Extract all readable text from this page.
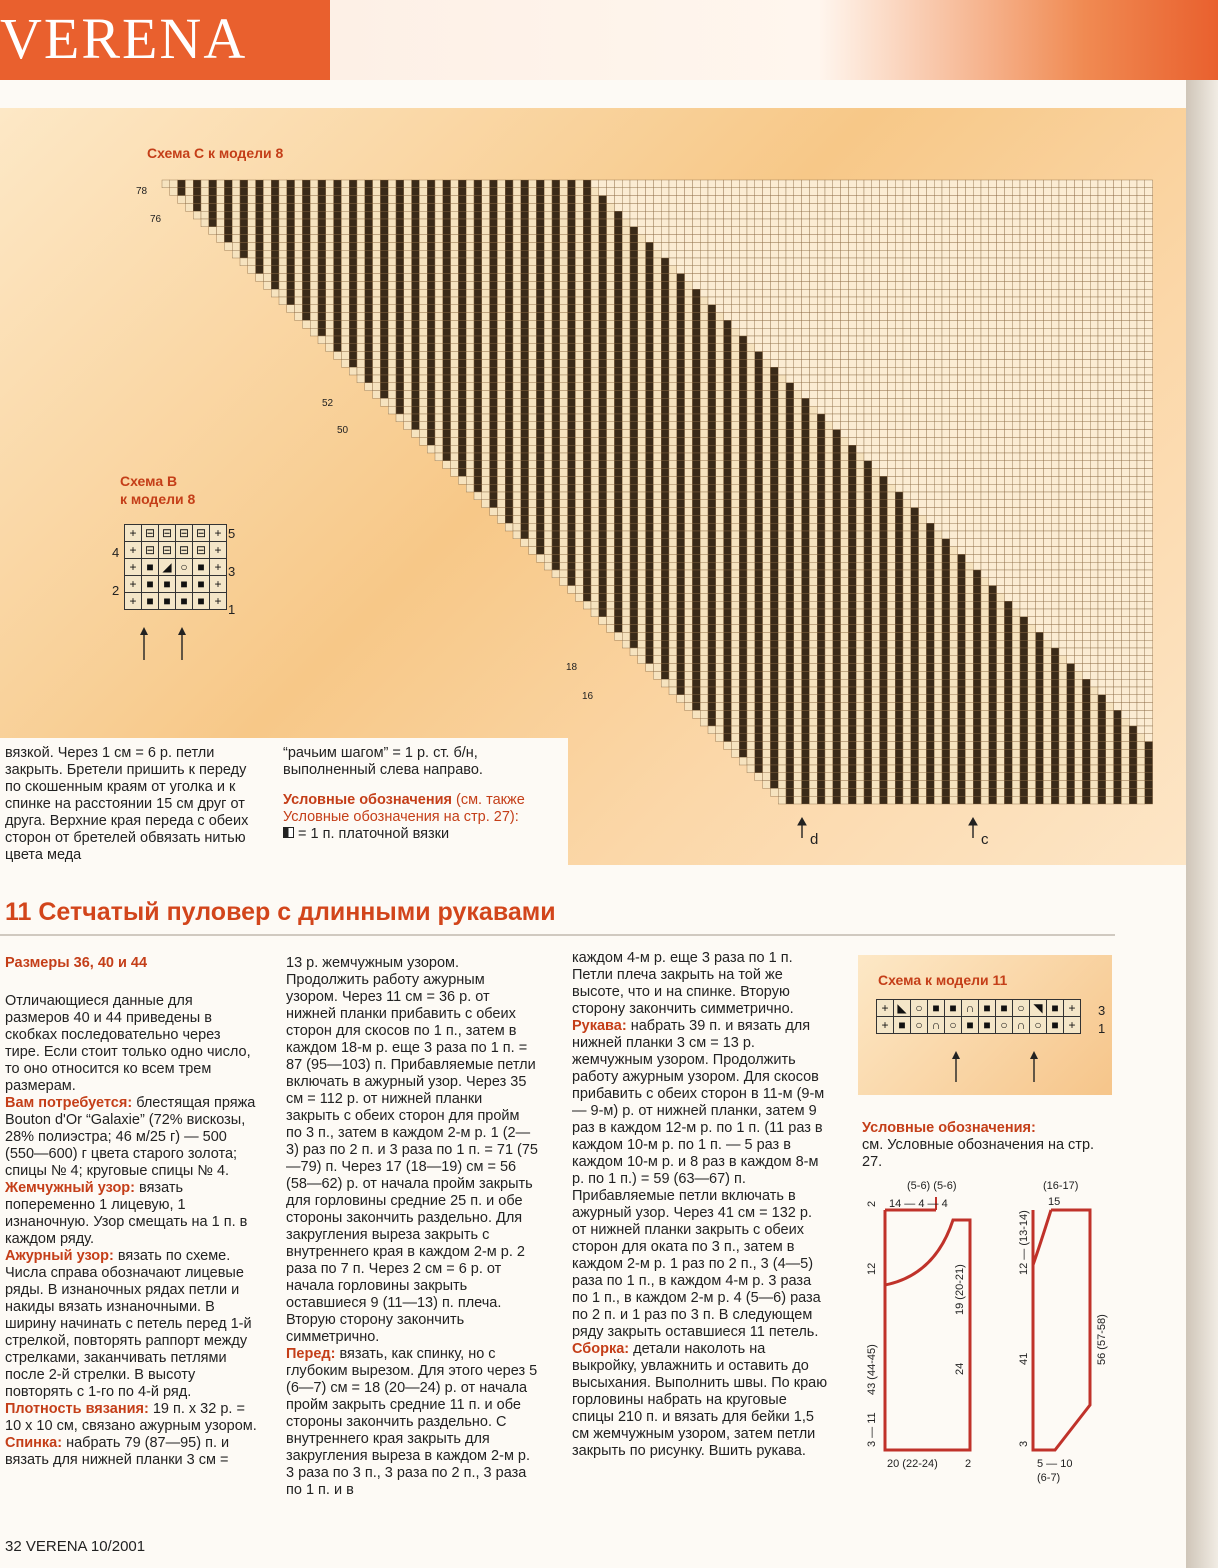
VERENA
Схема С к модели 8
78
76
52
50
18
16
d	c
Схема В
к модели 8
+	⊟	⊟	⊟	⊟	+
+	⊟	⊟	⊟	⊟	+
+	■	◢	○	■	+
+	■	■	■	■	+
+	■	■	■	■	+
5
4
3
2
1
вязкой. Через 1 см = 6 р. петли закрыть. Бретели пришить к переду по скошенным краям от уголка и к спинке на расстоянии 15 см друг от друга. Верхние края переда с обеих сторон от бретелей обвязать нитью цвета меда

“рачьим шагом” = 1 р. ст. б/н, выполненный слева направо.

Условные обозначения (см. также Условные обозначения на стр. 27):

= 1 п. платочной вязки

11 Сетчатый пуловер с длинными рукавами

Размеры 36, 40 и 44

Отличающиеся данные для размеров 40 и 44 приведены в скобках последовательно через тире. Если стоит только одно число, то оно относится ко всем трем размерам.

Вам потребуется: блестящая пряжа Bouton d'Or “Galaxie” (72% вискозы, 28% полиэстра; 46 м/25 г) — 500 (550—600) г цвета старого золота; спицы № 4; круговые спицы № 4.

Жемчужный узор: вязать попеременно 1 лицевую, 1 изнаночную. Узор смещать на 1 п. в каждом ряду.

Ажурный узор: вязать по схеме. Числа справа обозначают лицевые ряды. В изнаночных рядах петли и накиды вязать изнаночными. В ширину начинать с петель перед 1-й стрелкой, повторять раппорт между стрелками, заканчивать петлями после 2-й стрелки. В высоту повторять с 1-го по 4-й ряд.

Плотность вязания: 19 п. х 32 р. = 10 х 10 см, связано ажурным узором.

Спинка: набрать 79 (87—95) п. и вязать для нижней планки 3 см =

13 р. жемчужным узором. Продолжить работу ажурным узором. Через 11 см = 36 р. от нижней планки прибавить с обеих сторон для скосов по 1 п., затем в каждом 18-м р. еще 3 раза по 1 п. = 87 (95—103) п. Прибавляемые петли включать в ажурный узор. Через 35 см = 112 р. от нижней планки закрыть с обеих сторон для пройм по 3 п., затем в каждом 2-м р. 1 (2—3) раз по 2 п. и 3 раза по 1 п. = 71 (75—79) п. Через 17 (18—19) см = 56 (58—62) р. от начала пройм закрыть для горловины средние 25 п. и обе стороны закончить раздельно. Для закругления выреза закрыть с внутреннего края в каждом 2-м р. 2 раза по 7 п. Через 2 см = 6 р. от начала горловины закрыть оставшиеся 9 (11—13) п. плеча. Вторую сторону закончить симметрично.

Перед: вязать, как спинку, но с глубоким вырезом. Для этого через 5 (6—7) см = 18 (20—24) р. от начала пройм закрыть средние 11 п. и обе стороны закончить раздельно. С внутреннего края закрыть для закругления выреза в каждом 2-м р. 3 раза по 3 п., 3 раза по 2 п., 3 раза по 1 п. и в

каждом 4-м р. еще 3 раза по 1 п. Петли плеча закрыть на той же высоте, что и на спинке. Вторую сторону закончить симметрично.

Рукава: набрать 39 п. и вязать для нижней планки 3 см = 13 р. жемчужным узором. Продолжить работу ажурным узором. Для скосов прибавить с обеих сторон в 11-м (9-м — 9-м) р. от нижней планки, затем 9 раз в каждом 12-м р. по 1 п. (11 раз в каждом 10-м р. по 1 п. — 5 раз в каждом 10-м р. и 8 раз в каждом 8-м р. по 1 п.) = 59 (63—67) п. Прибавляемые петли включать в ажурный узор. Через 41 см = 132 р. от нижней планки закрыть с обеих сторон для оката по 3 п., затем в каждом 2-м р. 1 раз по 2 п., 3 (4—5) раза по 1 п., в каждом 4-м р. 3 раза по 1 п., в каждом 2-м р. 4 (5—6) раза по 2 п. и 1 раз по 3 п. В следующем ряду закрыть оставшиеся 11 петель.

Сборка: детали наколоть на выкройку, увлажнить и оставить до высыхания. Выполнить швы. По краю горловины набрать на круговые спицы 210 п. и вязать для бейки 1,5 см жемчужным узором, затем петли закрыть по рисунку. Вшить рукава.

Схема к модели 11
+	◣	○	■	■	∩	■	■	○	◥	■	+
+	■	○	∩	○	■	■	○	∩	○	■	+
3
1

Условные обозначения:

см. Условные обозначения на стр. 27.

(5-6) (5-6)
14 — 4 — 4
2
12
43 (44-45)
3 — 11
19 (20-21)
24
20 (22-24) 2
(16-17)
15
12 — (13-14)
41	56 (57-58)
3
5 — 10
(6-7)
32 VERENA 10/2001
